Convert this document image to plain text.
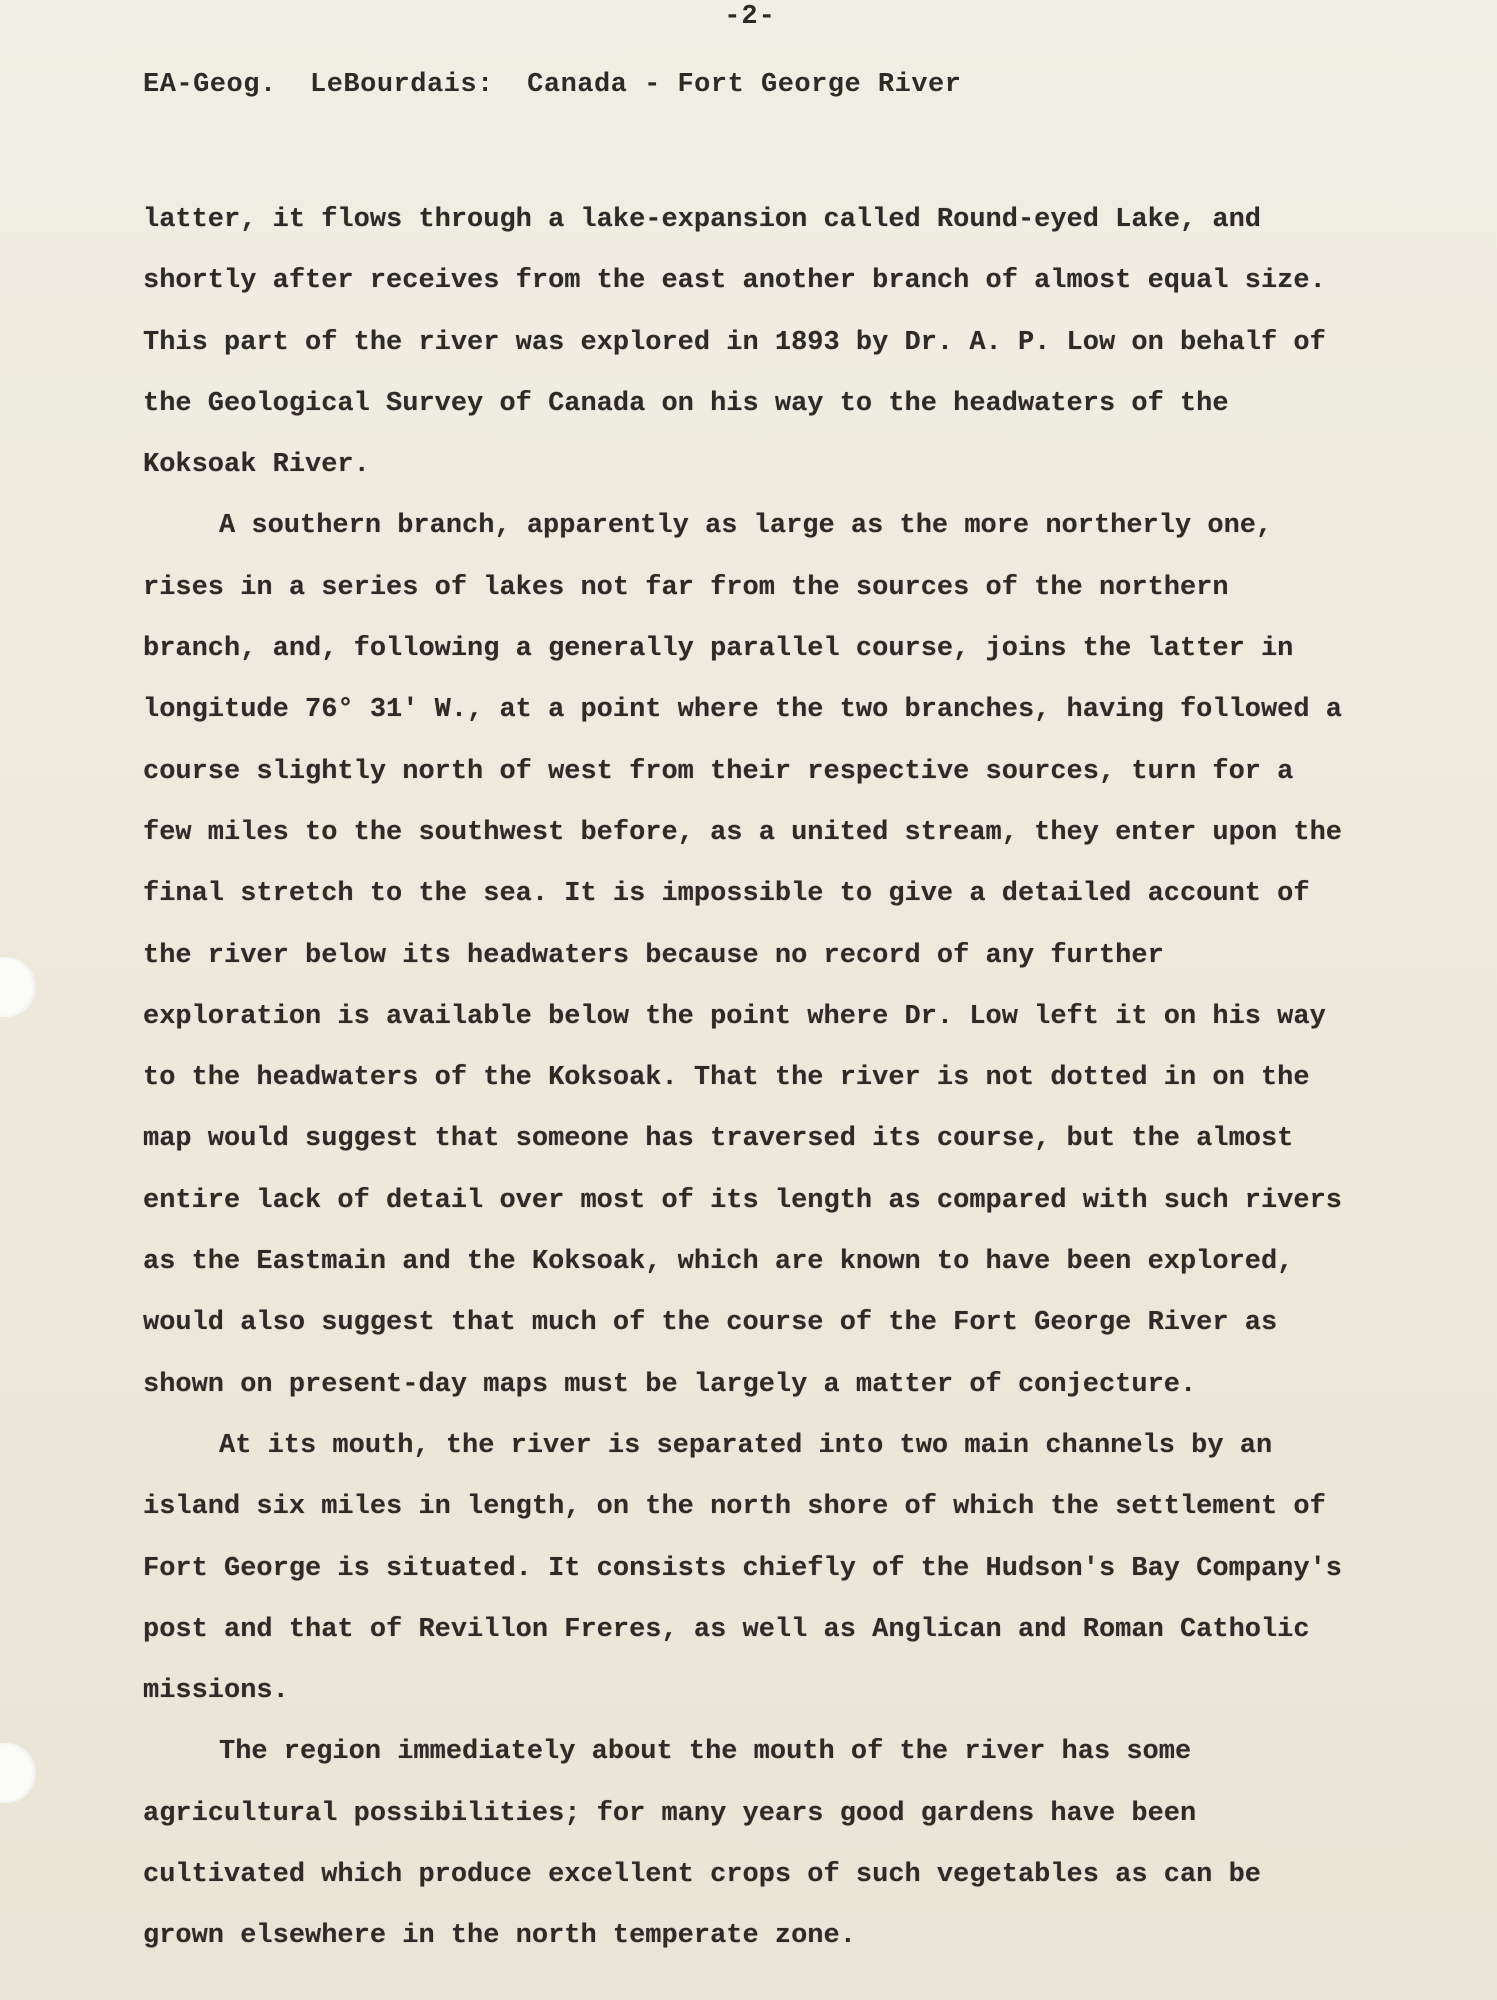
-2-
EA-Geog.  LeBourdais:  Canada - Fort George River

latter, it flows through a lake-expansion called Round-eyed Lake, and shortly after receives from the east another branch of almost equal size. This part of the river was explored in 1893 by Dr. A. P. Low on behalf of the Geological Survey of Canada on his way to the headwaters of the Koksoak River.

A southern branch, apparently as large as the more northerly one, rises in a series of lakes not far from the sources of the northern branch, and, following a generally parallel course, joins the latter in longitude 76° 31' W., at a point where the two branches, having followed a course slightly north of west from their respective sources, turn for a few miles to the southwest before, as a united stream, they enter upon the final stretch to the sea. It is impossible to give a detailed account of the river below its headwaters because no record of any further exploration is available below the point where Dr. Low left it on his way to the headwaters of the Koksoak. That the river is not dotted in on the map would suggest that someone has traversed its course, but the almost entire lack of detail over most of its length as compared with such rivers as the Eastmain and the Koksoak, which are known to have been explored, would also suggest that much of the course of the Fort George River as shown on present-day maps must be largely a matter of conjecture.

At its mouth, the river is separated into two main channels by an island six miles in length, on the north shore of which the settlement of Fort George is situated. It consists chiefly of the Hudson's Bay Company's post and that of Revillon Freres, as well as Anglican and Roman Catholic missions.

The region immediately about the mouth of the river has some agricultural possibilities; for many years good gardens have been cultivated which produce excellent crops of such vegetables as can be grown elsewhere in the north temperate zone.
